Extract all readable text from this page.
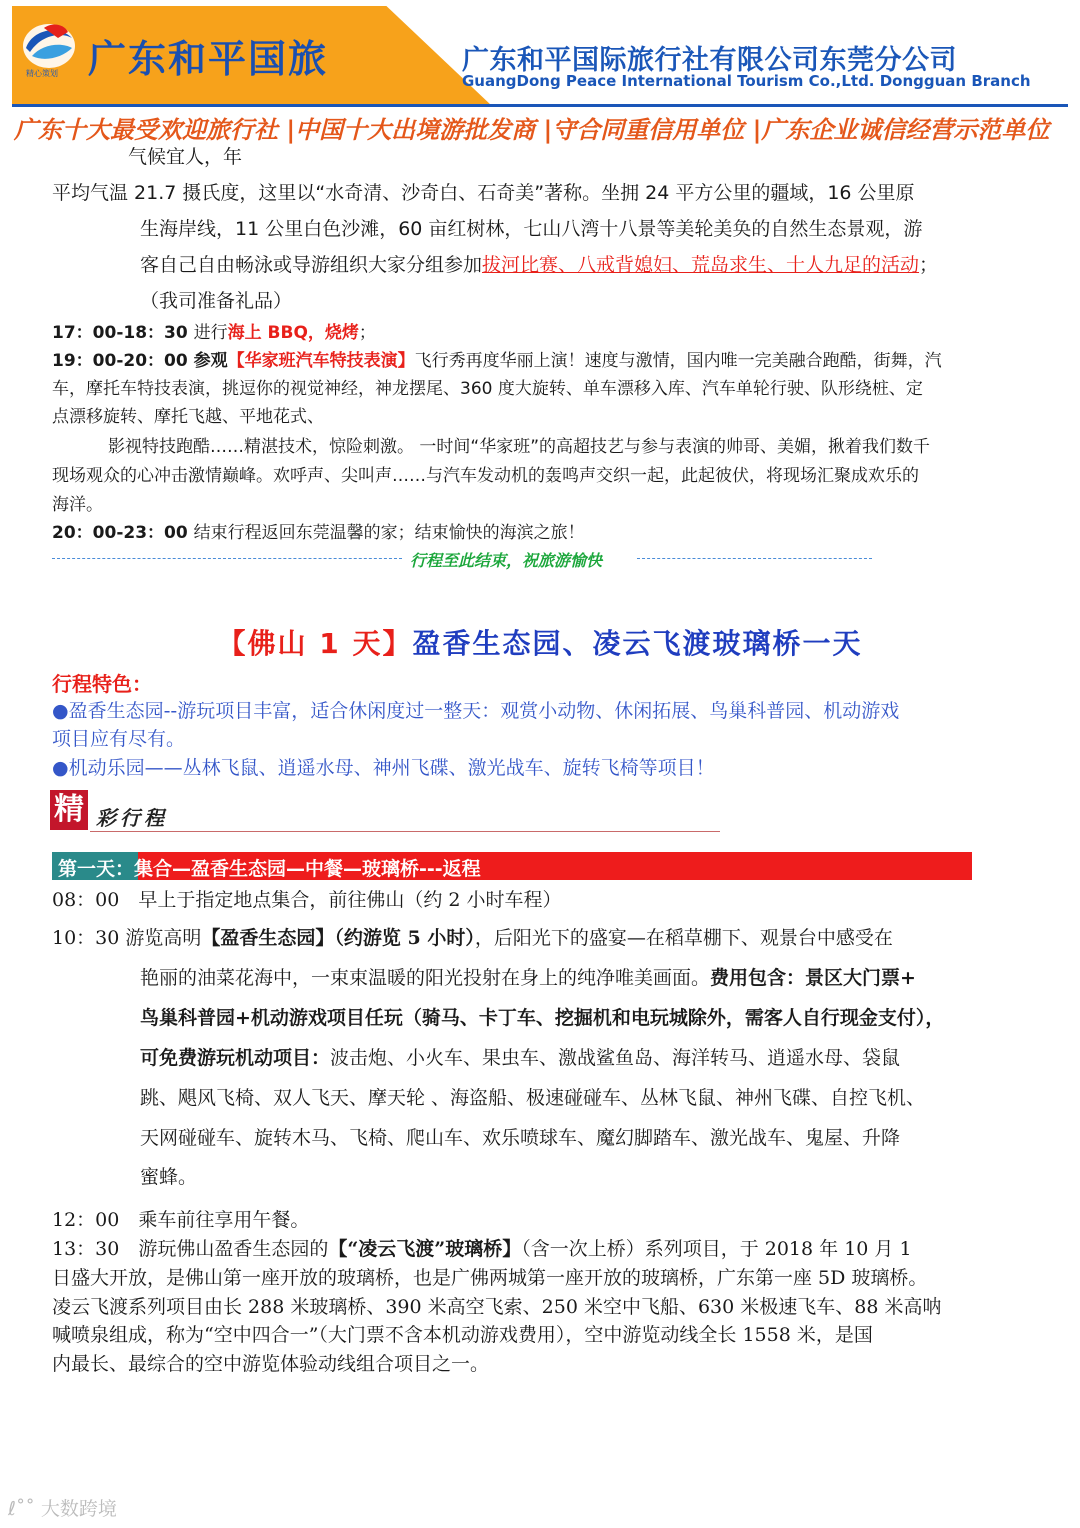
精心策划 广东和平国旅	广东和平国际旅行社有限公司东莞分公司
GuangDong Peace International Tourism Co.,Ltd. Dongguan Branch
广东十大最受欢迎旅行社 |中国十大出境游批发商 |守合同重信用单位 |广东企业诚信经营示范单位
气候宜人，年
平均气温 21.7 摄氏度，这里以“水奇清、沙奇白、石奇美”著称。坐拥 24 平方公里的疆域，16 公里原
生海岸线，11 公里白色沙滩，60 亩红树林，七山八湾十八景等美轮美奂的自然生态景观，游
客自己自由畅泳或导游组织大家分组参加拔河比赛、八戒背媳妇、荒岛求生、十人九足的活动；
（我司准备礼品）
17：00-18：30 进行海上 BBQ，烧烤；
19：00-20：00 参观【华家班汽车特技表演】飞行秀再度华丽上演！速度与激情，国内唯一完美融合跑酷，街舞，汽
车，摩托车特技表演，挑逗你的视觉神经，神龙摆尾、360 度大旋转、单车漂移入库、汽车单轮行驶、队形绕桩、定
点漂移旋转、摩托飞越、平地花式、
影视特技跑酷……精湛技术，惊险刺激。 一时间“华家班”的高超技艺与参与表演的帅哥、美媚，揪着我们数千
现场观众的心冲击激情巅峰。欢呼声、尖叫声……与汽车发动机的轰鸣声交织一起，此起彼伏，将现场汇聚成欢乐的
海洋。
20：00-23：00 结束行程返回东莞温馨的家；结束愉快的海滨之旅！
行程至此结束，祝旅游愉快
【佛山 1 天】盈香生态园、凌云飞渡玻璃桥一天
行程特色：
●盈香生态园--游玩项目丰富，适合休闲度过一整天：观赏小动物、休闲拓展、鸟巢科普园、机动游戏
项目应有尽有。
●机动乐园——丛林飞鼠、逍遥水母、神州飞碟、激光战车、旋转飞椅等项目！
精 彩行程
第一天：集合—盈香生态园—中餐—玻璃桥---返程
08：00　早上于指定地点集合，前往佛山（约 2 小时车程）
10：30 游览高明【盈香生态园】（约游览 5 小时），后阳光下的盛宴—在稻草棚下、观景台中感受在
艳丽的油菜花海中，一束束温暖的阳光投射在身上的纯净唯美画面。费用包含：景区大门票+
鸟巢科普园+机动游戏项目任玩（骑马、卡丁车、挖掘机和电玩城除外，需客人自行现金支付），
可免费游玩机动项目：波击炮、小火车、果虫车、激战鲨鱼岛、海洋转马、逍遥水母、袋鼠
跳、飓风飞椅、双人飞天、摩天轮 、海盗船、极速碰碰车、丛林飞鼠、神州飞碟、自控飞机、
天网碰碰车、旋转木马、飞椅、爬山车、欢乐喷球车、魔幻脚踏车、激光战车、鬼屋、升降
蜜蜂。
12：00　乘车前往享用午餐。
13：30　游玩佛山盈香生态园的【“凌云飞渡”玻璃桥】（含一次上桥）系列项目，于 2018 年 10 月 1
日盛大开放，是佛山第一座开放的玻璃桥，也是广佛两城第一座开放的玻璃桥，广东第一座 5D 玻璃桥。
凌云飞渡系列项目由长 288 米玻璃桥、390 米高空飞索、250 米空中飞船、630 米极速飞车、88 米高呐
喊喷泉组成，称为“空中四合一”（大门票不含本机动游戏费用），空中游览动线全长 1558 米，是国
内最长、最综合的空中游览体验动线组合项目之一。
ℓ˚˚ 大数跨境
